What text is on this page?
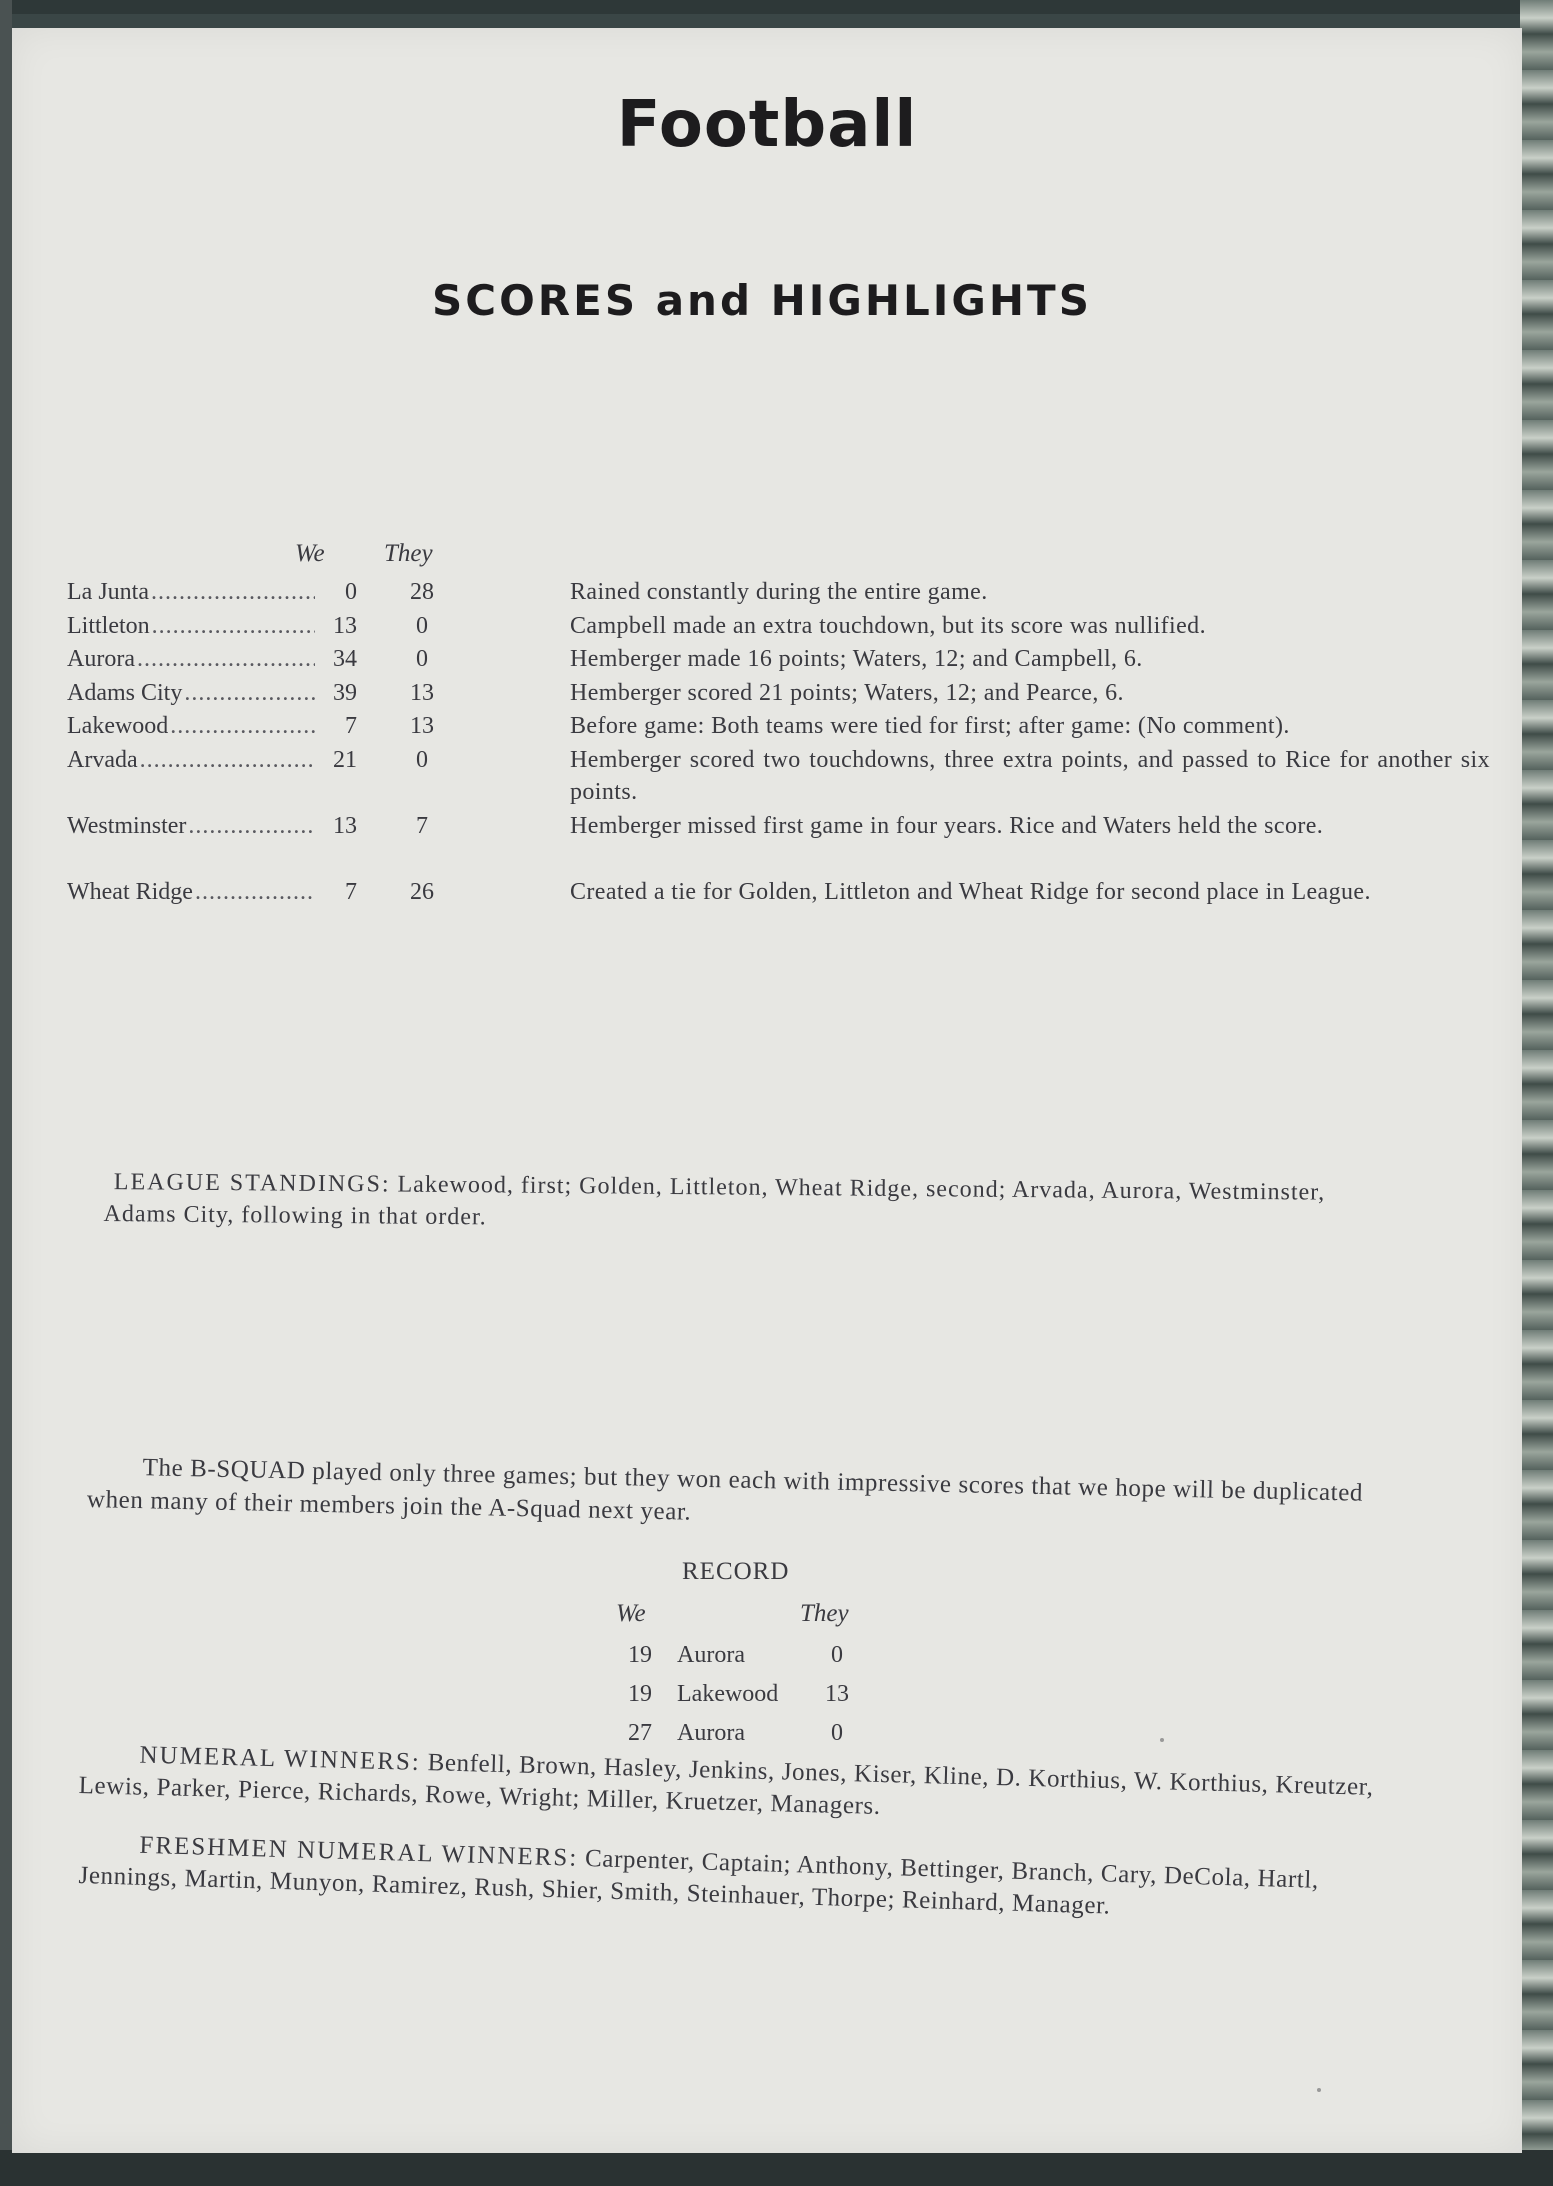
Football
SCORES and HIGHLIGHTS
We They
La Junta .....	0	28	Rained constantly during the entire game.
Littleton .....	13	0	Campbell made an extra touchdown, but its score was nullified.
Aurora .....	34	0	Hemberger made 16 points; Waters, 12; and Campbell, 6.
Adams City .....	39	13	Hemberger scored 21 points; Waters, 12; and Pearce, 6.
Lakewood .....	7	13	Before game: Both teams were tied for first; after game: (No comment).
Arvada .....	21	0	Hemberger scored two touchdowns, three extra points, and passed to Rice for another six points.
Westminster .....	13	7	Hemberger missed first game in four years. Rice and Waters held the score.
Wheat Ridge .....	7	26	Created a tie for Golden, Littleton and Wheat Ridge for second place in League.
LEAGUE STANDINGS: Lakewood, first; Golden, Littleton, Wheat Ridge, second; Arvada, Aurora, Westminster, Adams City, following in that order.
The B-SQUAD played only three games; but they won each with impressive scores that we hope will be duplicated when many of their members join the A-Squad next year.
RECORD
We	They
19 Aurora	0
19 Lakewood	13
27 Aurora	0
NUMERAL WINNERS: Benfell, Brown, Hasley, Jenkins, Jones, Kiser, Kline, D. Korthius, W. Korthius, Kreutzer, Lewis, Parker, Pierce, Richards, Rowe, Wright; Miller, Kruetzer, Managers.
FRESHMEN NUMERAL WINNERS: Carpenter, Captain; Anthony, Bettinger, Branch, Cary, DeCola, Hartl, Jennings, Martin, Munyon, Ramirez, Rush, Shier, Smith, Steinhauer, Thorpe; Reinhard, Manager.
